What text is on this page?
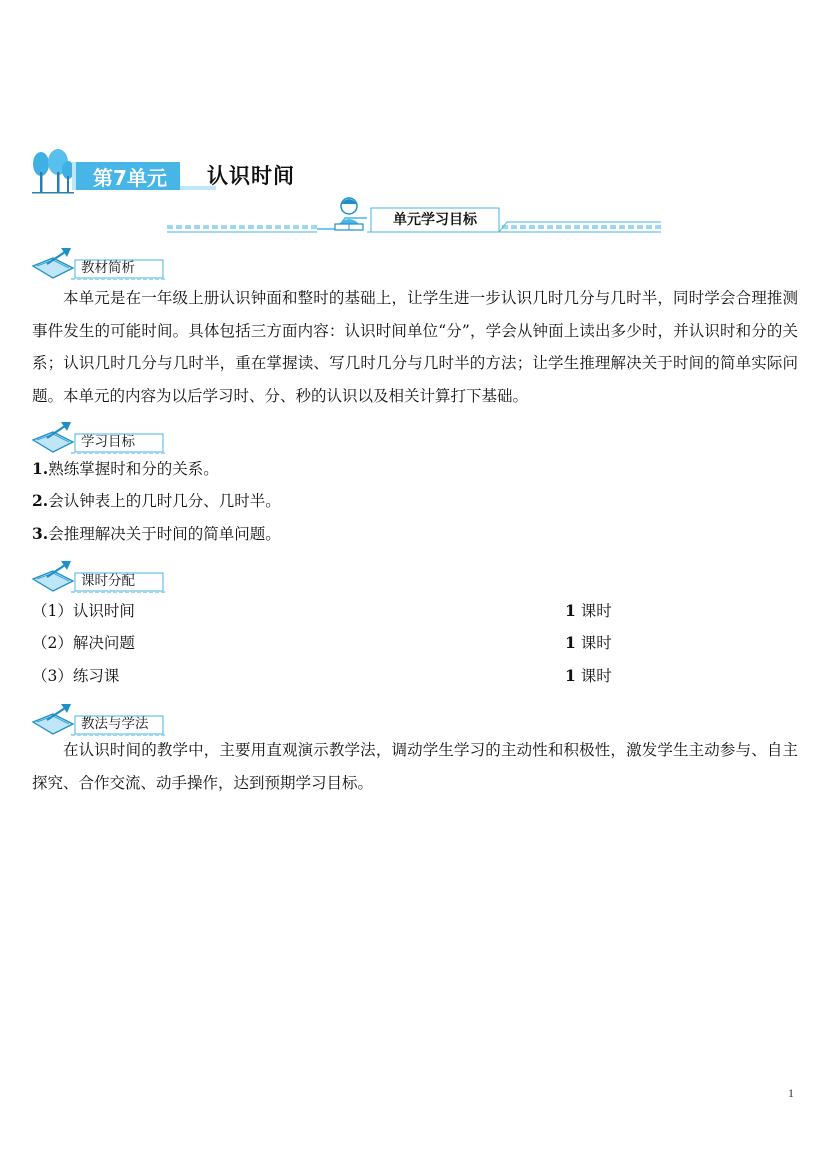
第7单元	认识时间
单元学习目标
教材简析

本单元是在一年级上册认识钟面和整时的基础上，让学生进一步认识几时几分与几时半，同时学会合理推测事件发生的可能时间。具体包括三方面内容：认识时间单位“分”，学会从钟面上读出多少时，并认识时和分的关系；认识几时几分与几时半，重在掌握读、写几时几分与几时半的方法；让学生推理解决关于时间的简单实际问题。本单元的内容为以后学习时、分、秒的认识以及相关计算打下基础。

学习目标
1.熟练掌握时和分的关系。
2.会认钟表上的几时几分、几时半。
3.会推理解决关于时间的简单问题。
课时分配
（1）认识时间	1 课时
（2）解决问题	1 课时
（3）练习课	1 课时
教法与学法

在认识时间的教学中，主要用直观演示教学法，调动学生学习的主动性和积极性，激发学生主动参与、自主探究、合作交流、动手操作，达到预期学习目标。

1
